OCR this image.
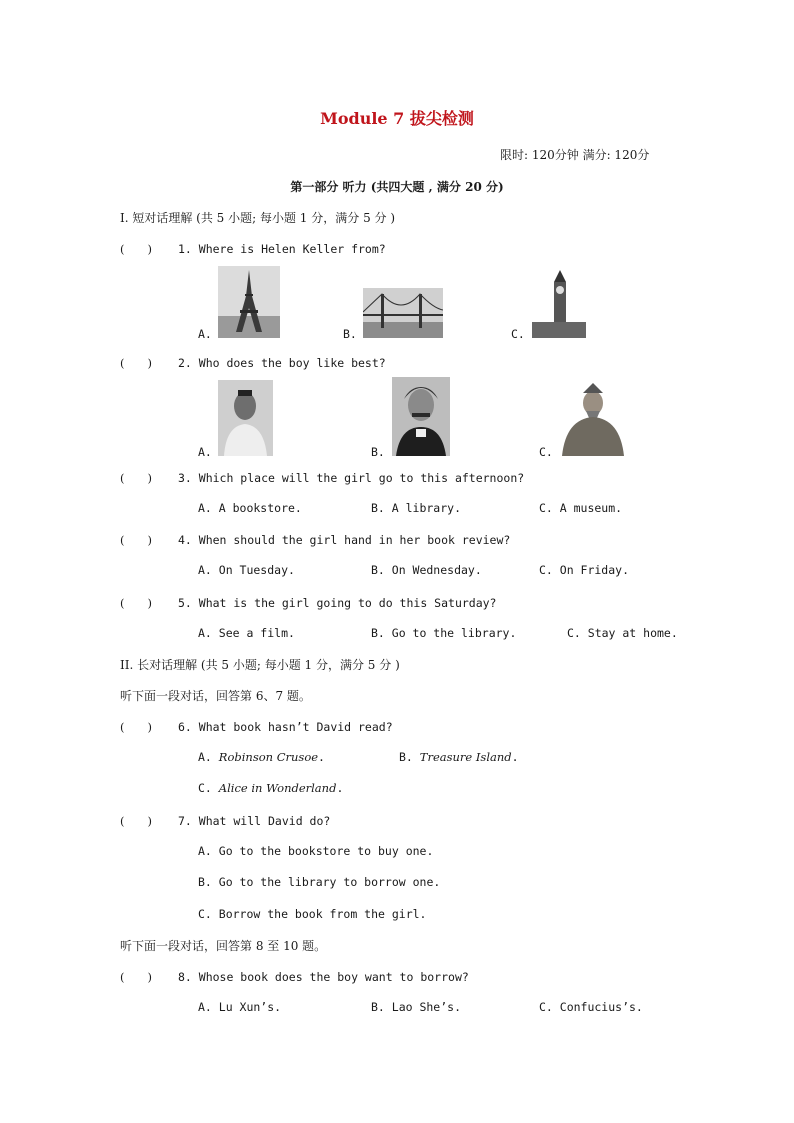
Module 7 拔尖检测
限时: 120分钟 满分: 120分
第一部分 听力 (共四大题 , 满分 20 分)
I. 短对话理解 (共 5 小题; 每小题 1 分，满分 5 分 )
(　　) 1. Where is Helen Keller from?
A.	B.	C.
(　　) 2. Who does the boy like best?
A.	B.	C.
(　　) 3. Which place will the girl go to this afternoon?
A. A bookstore.	B. A library.	C. A museum.
(　　) 4. When should the girl hand in her book review?
A. On Tuesday.	B. On Wednesday.	C. On Friday.
(　　) 5. What is the girl going to do this Saturday?
A. See a film.	B. Go to the library.	C. Stay at home.
II. 长对话理解 (共 5 小题; 每小题 1 分，满分 5 分 )
听下面一段对话，回答第 6、7 题。
(　　) 6. What book hasn’t David read?
A. Robinson Crusoe.	B. Treasure Island.
C. Alice in Wonderland.
(　　) 7. What will David do?
A. Go to the bookstore to buy one.
B. Go to the library to borrow one.
C. Borrow the book from the girl.
听下面一段对话，回答第 8 至 10 题。
(　　) 8. Whose book does the boy want to borrow?
A. Lu Xun’s.	B. Lao She’s.	C. Confucius’s.
